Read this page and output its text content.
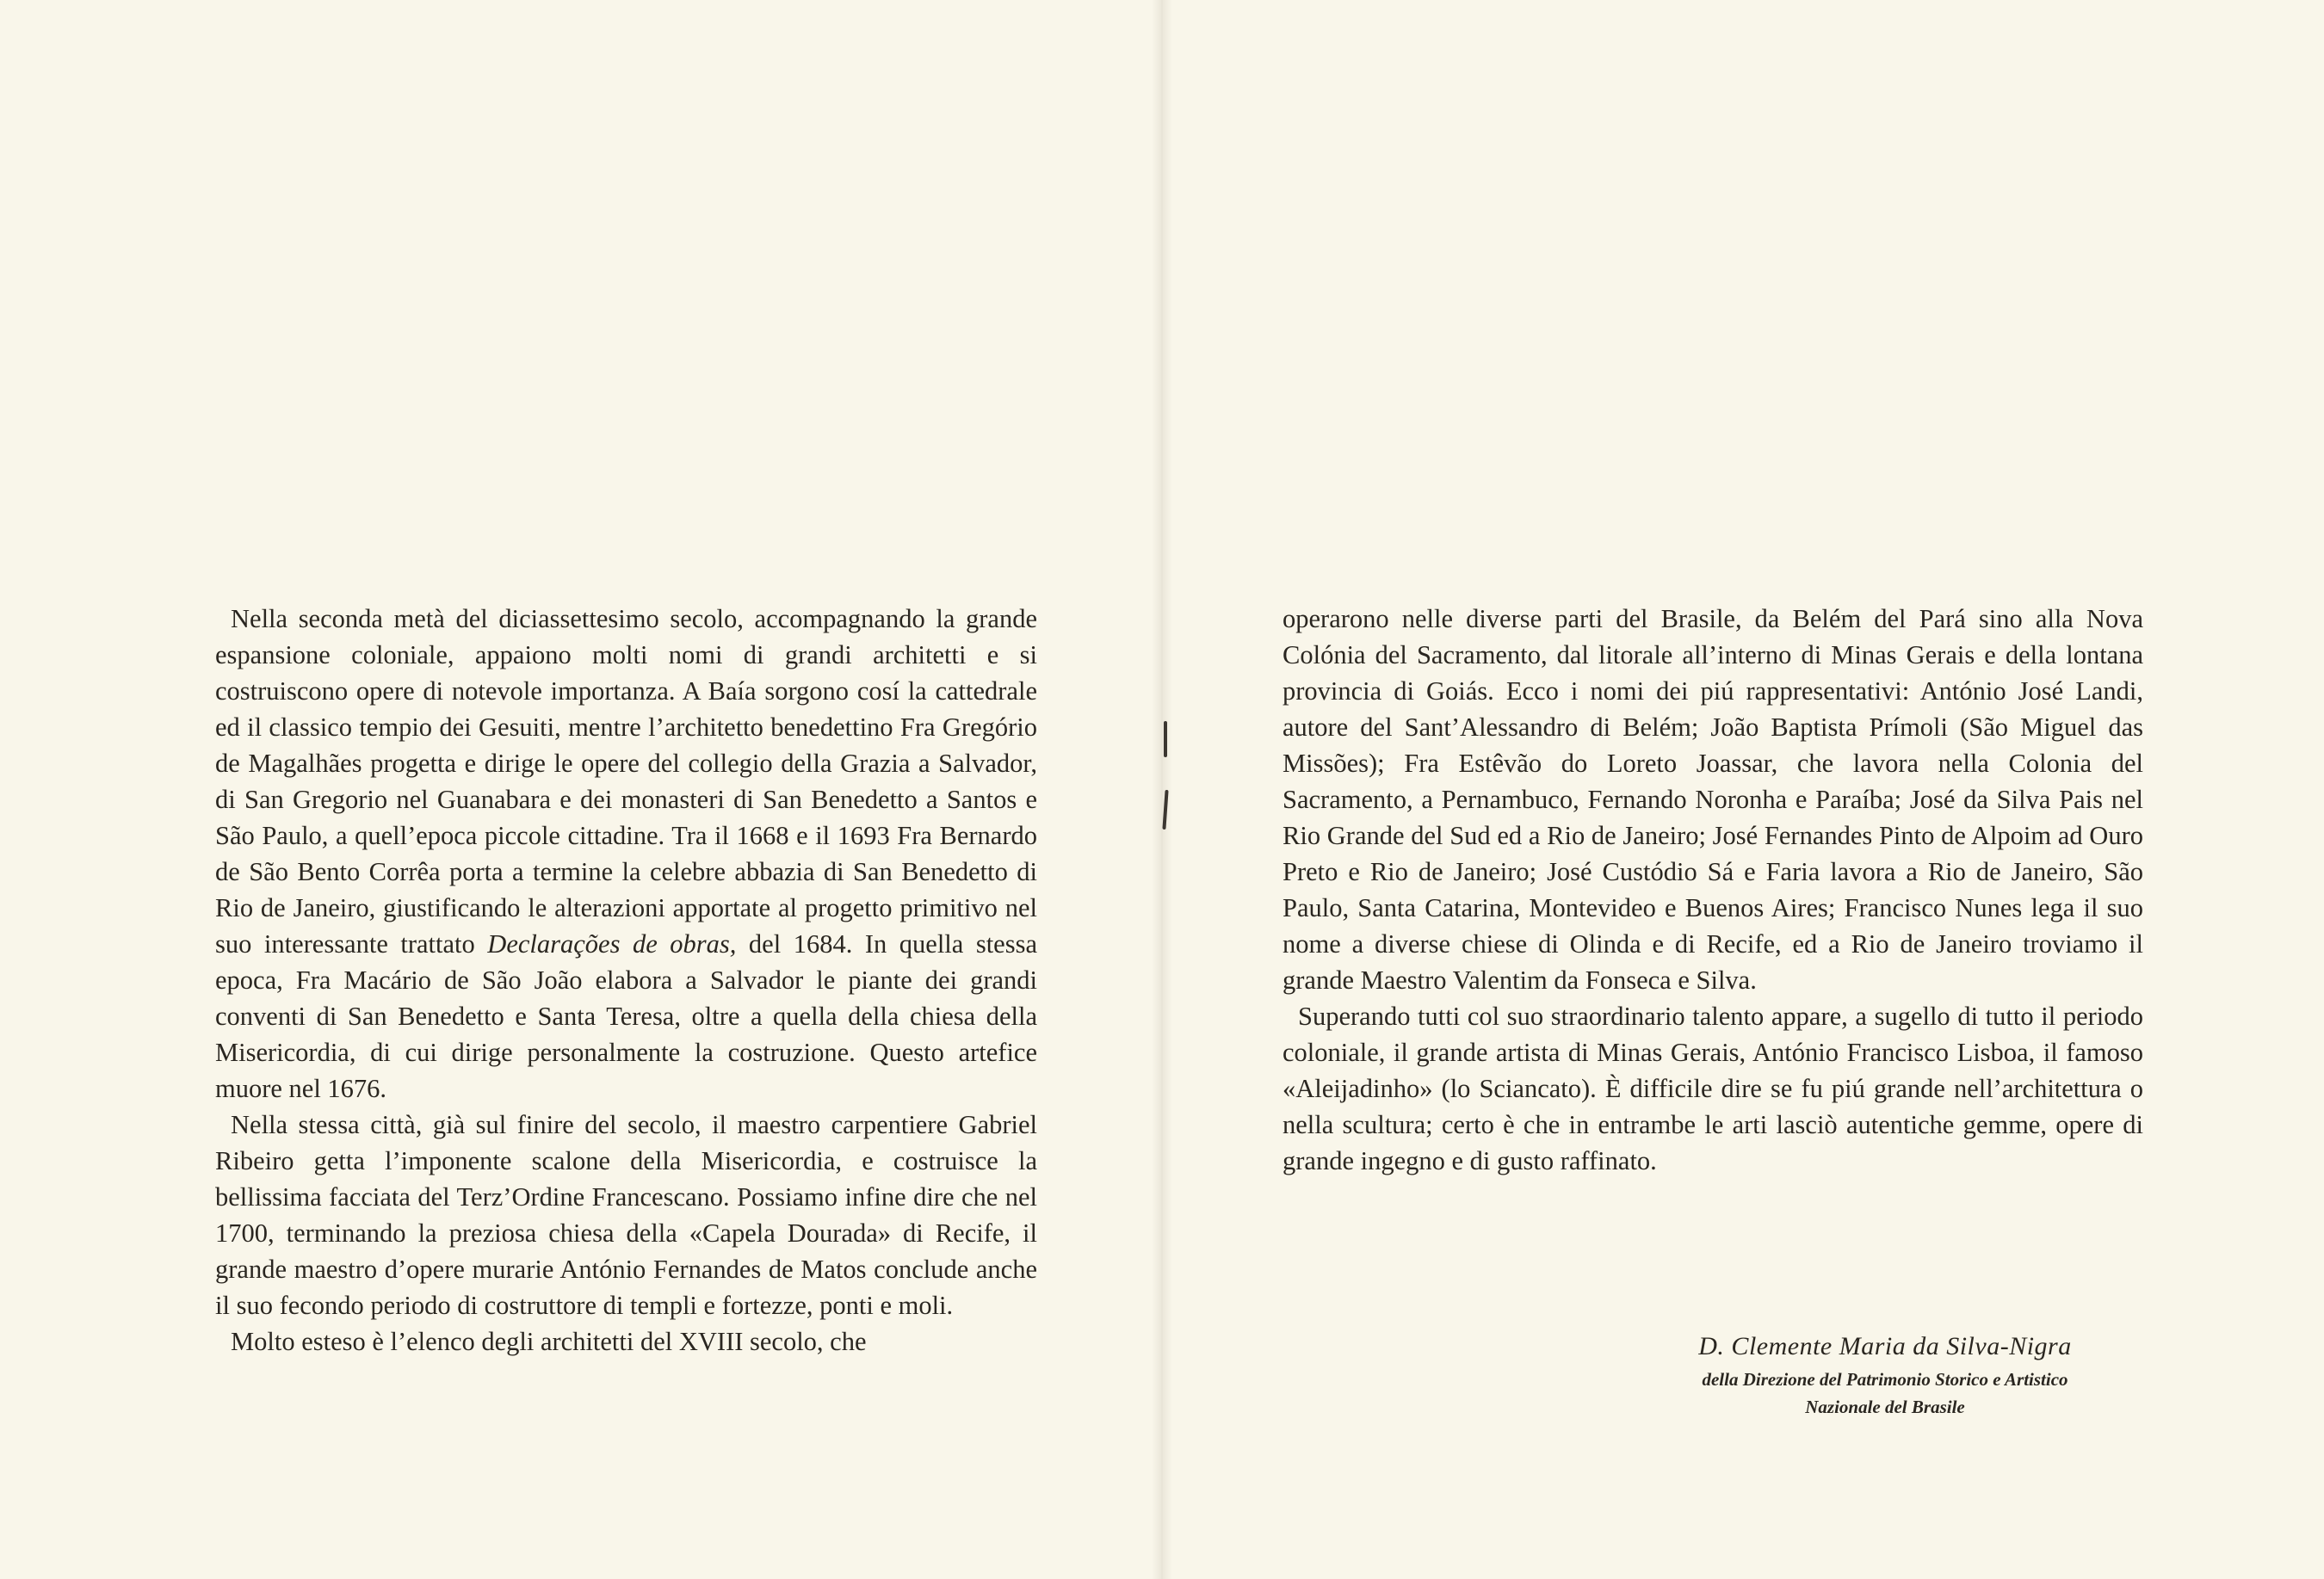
Nella seconda metà del diciassettesimo secolo, accompagnando la grande espansione coloniale, appaiono molti nomi di grandi architetti e si costruiscono opere di notevole importanza. A Baía sorgono cosí la cattedrale ed il classico tempio dei Gesuiti, mentre l’architetto benedettino Fra Gregório de Magalhães progetta e dirige le opere del collegio della Grazia a Salvador, di San Gregorio nel Guanabara e dei monasteri di San Benedetto a Santos e São Paulo, a quell’epoca piccole cittadine. Tra il 1668 e il 1693 Fra Bernardo de São Bento Corrêa porta a termine la celebre abbazia di San Benedetto di Rio de Janeiro, giustificando le alterazioni apportate al progetto primitivo nel suo interessante trattato Declarações de obras, del 1684. In quella stessa epoca, Fra Macário de São João elabora a Salvador le piante dei grandi conventi di San Benedetto e Santa Teresa, oltre a quella della chiesa della Misericordia, di cui dirige personalmente la costruzione. Questo artefice muore nel 1676.

Nella stessa città, già sul finire del secolo, il maestro carpentiere Gabriel Ribeiro getta l’imponente scalone della Misericordia, e costruisce la bellissima facciata del Terz’Ordine Francescano. Possiamo infine dire che nel 1700, terminando la preziosa chiesa della «Capela Dourada» di Recife, il grande maestro d’opere murarie António Fernandes de Matos conclude anche il suo fecondo periodo di costruttore di templi e fortezze, ponti e moli.

Molto esteso è l’elenco degli architetti del XVIII secolo, che

operarono nelle diverse parti del Brasile, da Belém del Pará sino alla Nova Colónia del Sacramento, dal litorale all’interno di Minas Gerais e della lontana provincia di Goiás. Ecco i nomi dei piú rappresentativi: António José Landi, autore del Sant’Alessandro di Belém; João Baptista Prímoli (São Miguel das Missões); Fra Estêvão do Loreto Joassar, che lavora nella Colonia del Sacramento, a Pernambuco, Fernando Noronha e Paraíba; José da Silva Pais nel Rio Grande del Sud ed a Rio de Janeiro; José Fernandes Pinto de Alpoim ad Ouro Preto e Rio de Janeiro; José Custódio Sá e Faria lavora a Rio de Janeiro, São Paulo, Santa Catarina, Montevideo e Buenos Aires; Francisco Nunes lega il suo nome a diverse chiese di Olinda e di Recife, ed a Rio de Janeiro troviamo il grande Maestro Valentim da Fonseca e Silva.

Superando tutti col suo straordinario talento appare, a sugello di tutto il periodo coloniale, il grande artista di Minas Gerais, António Francisco Lisboa, il famoso «Aleijadinho» (lo Sciancato). È difficile dire se fu piú grande nell’architettura o nella scultura; certo è che in entrambe le arti lasciò autentiche gemme, opere di grande ingegno e di gusto raffinato.

D. Clemente Maria da Silva-Nigra
della Direzione del Patrimonio Storico e Artistico
Nazionale del Brasile
